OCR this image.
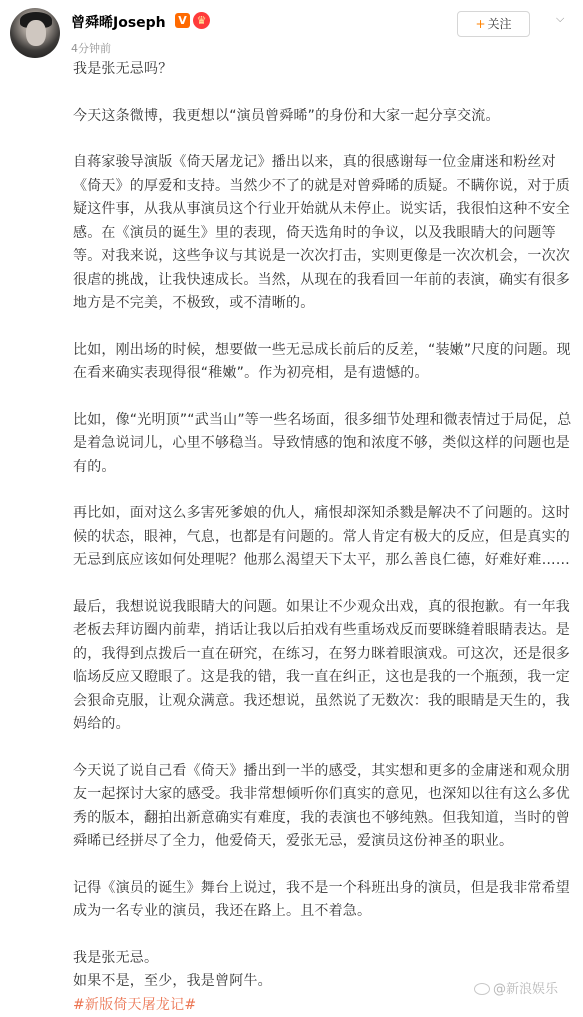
曾舜晞Joseph V ♛
4分钟前
+ 关注	⌵

我是张无忌吗？

今天这条微博，我更想以“演员曾舜晞”的身份和大家一起分享交流。

自蒋家骏导演版《倚天屠龙记》播出以来，真的很感谢每一位金庸迷和粉丝对《倚天》的厚爱和支持。当然少不了的就是对曾舜晞的质疑。不瞒你说，对于质疑这件事，从我从事演员这个行业开始就从未停止。说实话，我很怕这种不安全感。在《演员的诞生》里的表现，倚天选角时的争议，以及我眼睛大的问题等等。对我来说，这些争议与其说是一次次打击，实则更像是一次次机会，一次次很虐的挑战，让我快速成长。当然，从现在的我看回一年前的表演，确实有很多地方是不完美，不极致，或不清晰的。

比如，刚出场的时候，想要做一些无忌成长前后的反差，“装嫩”尺度的问题。现在看来确实表现得很“稚嫩”。作为初亮相，是有遗憾的。

比如，像“光明顶”“武当山”等一些名场面，很多细节处理和微表情过于局促，总是着急说词儿，心里不够稳当。导致情感的饱和浓度不够，类似这样的问题也是有的。

再比如，面对这么多害死爹娘的仇人，痛恨却深知杀戮是解决不了问题的。这时候的状态，眼神，气息，也都是有问题的。常人肯定有极大的反应，但是真实的无忌到底应该如何处理呢？他那么渴望天下太平，那么善良仁德，好难好难……

最后，我想说说我眼睛大的问题。如果让不少观众出戏，真的很抱歉。有一年我老板去拜访圈内前辈，捎话让我以后拍戏有些重场戏反而要眯缝着眼睛表达。是的，我得到点拨后一直在研究，在练习，在努力眯着眼演戏。可这次，还是很多临场反应又瞪眼了。这是我的错，我一直在纠正，这也是我的一个瓶颈，我一定会狠命克服，让观众满意。我还想说，虽然说了无数次：我的眼睛是天生的，我妈给的。

今天说了说自己看《倚天》播出到一半的感受，其实想和更多的金庸迷和观众朋友一起探讨大家的感受。我非常想倾听你们真实的意见，也深知以往有这么多优秀的版本，翻拍出新意确实有难度，我的表演也不够纯熟。但我知道，当时的曾舜晞已经拼尽了全力，他爱倚天，爱张无忌，爱演员这份神圣的职业。

记得《演员的诞生》舞台上说过，我不是一个科班出身的演员，但是我非常希望成为一名专业的演员，我还在路上。且不着急。

我是张无忌。

如果不是，至少，我是曾阿牛。

#新版倚天屠龙记#

@新浪娱乐
